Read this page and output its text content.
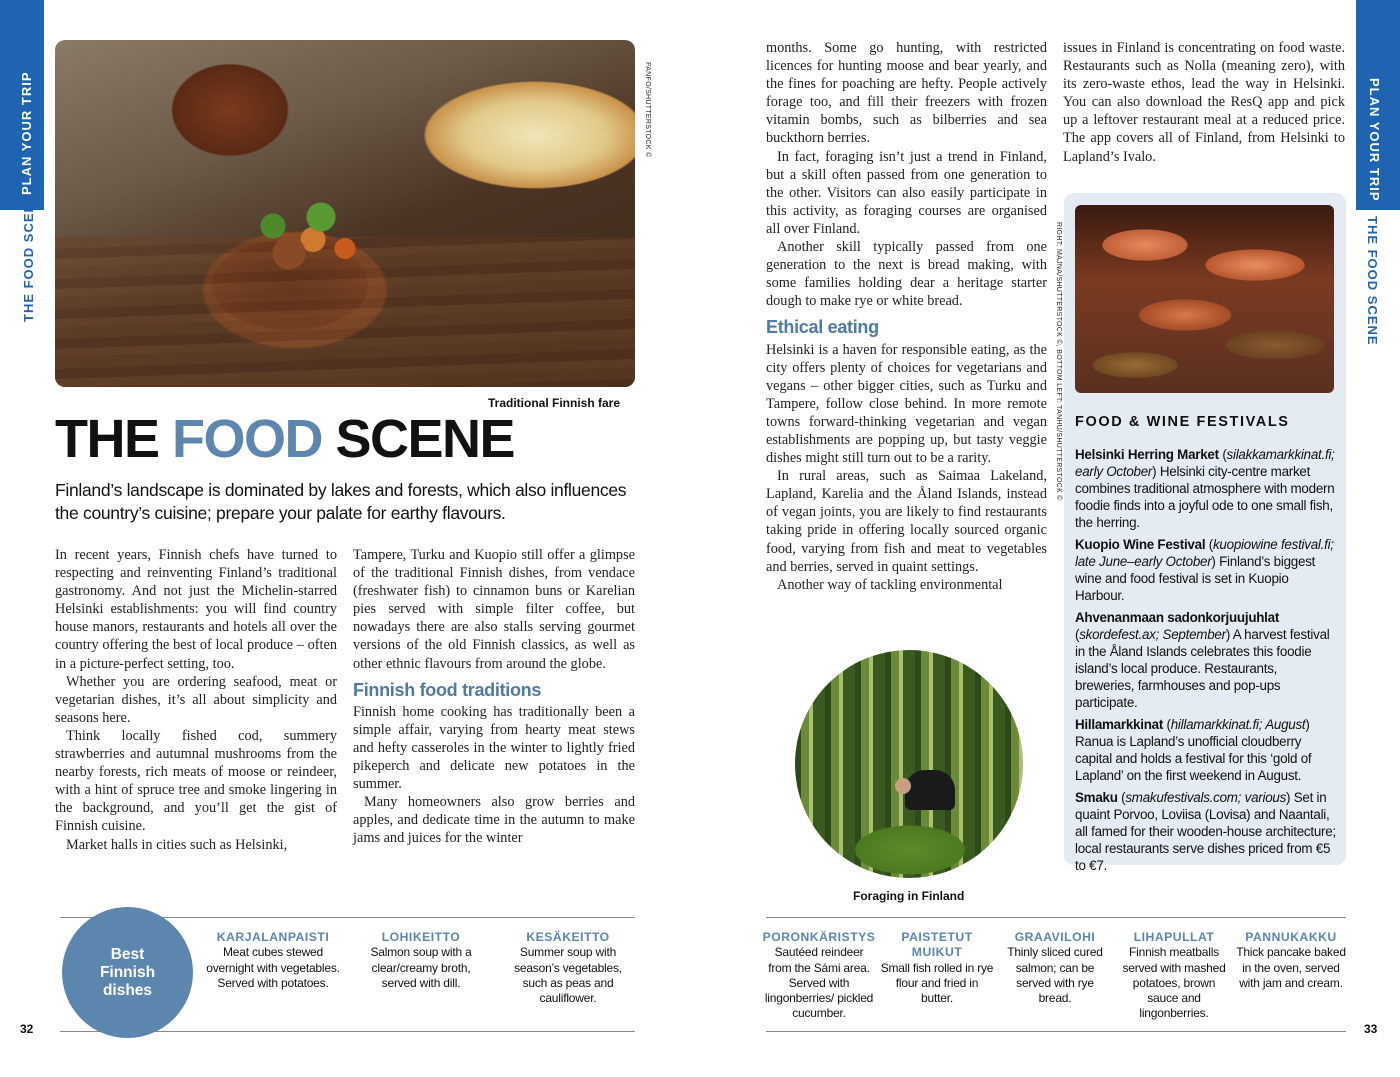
PLAN YOUR TRIP
THE FOOD SCENE
PLAN YOUR TRIP
THE FOOD SCENE
FANFO/SHUTTERSTOCK ©
Traditional Finnish fare
THE FOOD SCENE

Finland’s landscape is dominated by lakes and forests, which also influences the country’s cuisine; prepare your palate for earthy flavours.

In recent years, Finnish chefs have turned to respecting and reinventing Finland’s traditional gastronomy. And not just the Michelin-starred Helsinki establishments: you will find country house manors, restaurants and hotels all over the country offering the best of local produce – often in a picture-perfect setting, too.

Whether you are ordering seafood, meat or vegetarian dishes, it’s all about simplicity and seasons here.

Think locally fished cod, summery strawberries and autumnal mushrooms from the nearby forests, rich meats of moose or reindeer, with a hint of spruce tree and smoke lingering in the background, and you’ll get the gist of Finnish cuisine.

Market halls in cities such as Helsinki,

Tampere, Turku and Kuopio still offer a glimpse of the traditional Finnish dishes, from vendace (freshwater fish) to cinnamon buns or Karelian pies served with simple filter coffee, but nowadays there are also stalls serving gourmet versions of the old Finnish classics, as well as other ethnic flavours from around the globe.

Finnish food traditions

Finnish home cooking has traditionally been a simple affair, varying from hearty meat stews and hefty casseroles in the winter to lightly fried pikeperch and delicate new potatoes in the summer.

Many homeowners also grow berries and apples, and dedicate time in the autumn to make jams and juices for the winter

months. Some go hunting, with restricted licences for hunting moose and bear yearly, and the fines for poaching are hefty. People actively forage too, and fill their freezers with frozen vitamin bombs, such as bilberries and sea buckthorn berries.

In fact, foraging isn’t just a trend in Finland, but a skill often passed from one generation to the other. Visitors can also easily participate in this activity, as foraging courses are organised all over Finland.

Another skill typically passed from one generation to the next is bread making, with some families holding dear a heritage starter dough to make rye or white bread.

Ethical eating

Helsinki is a haven for responsible eating, as the city offers plenty of choices for vegetarians and vegans – other bigger cities, such as Turku and Tampere, follow close behind. In more remote towns forward-thinking vegetarian and vegan establishments are popping up, but tasty veggie dishes might still turn out to be a rarity.

In rural areas, such as Saimaa Lakeland, Lapland, Karelia and the Åland Islands, instead of vegan joints, you are likely to find restaurants taking pride in offering locally sourced organic food, varying from fish and meat to vegetables and berries, served in quaint settings.

Another way of tackling environmental

RIGHT: MAJNA/SHUTTERSTOCK ©, BOTTOM LEFT: TANHU/SHUTTERSTOCK ©

issues in Finland is concentrating on food waste. Restaurants such as Nolla (meaning zero), with its zero-waste ethos, lead the way in Helsinki. You can also download the ResQ app and pick up a leftover restaurant meal at a reduced price. The app covers all of Finland, from Helsinki to Lapland’s Ivalo.

Foraging in Finland
FOOD & WINE FESTIVALS
Helsinki Herring Market (silakkamarkkinat.fi; early October) Helsinki city-centre market combines traditional atmosphere with modern foodie finds into a joyful ode to one small fish, the herring.
Kuopio Wine Festival (kuopiowine festival.fi; late June–early October) Finland’s biggest wine and food festival is set in Kuopio Harbour.
Ahvenanmaan sadonkorjuujuhlat (skordefest.ax; September) A harvest festival in the Åland Islands celebrates this foodie island’s local produce. Restaurants, breweries, farmhouses and pop-ups participate.
Hillamarkkinat (hillamarkkinat.fi; August) Ranua is Lapland’s unofficial cloudberry capital and holds a festival for this ‘gold of Lapland’ on the first weekend in August.
Smaku (smakufestivals.com; various) Set in quaint Porvoo, Loviisa (Lovisa) and Naantali, all famed for their wooden-house architecture; local restaurants serve dishes priced from €5 to €7.
Best Finnish dishes
KARJALANPAISTI
Meat cubes stewed overnight with vegetables. Served with potatoes.
LOHIKEITTO
Salmon soup with a clear/creamy broth, served with dill.
KESÄKEITTO
Summer soup with season’s vegetables, such as peas and cauliflower.
PORONKÄRISTYS
Sautéed reindeer from the Sámi area. Served with lingonberries/ pickled cucumber.
PAISTETUT MUIKUT
Small fish rolled in rye flour and fried in butter.
GRAAVILOHI
Thinly sliced cured salmon; can be served with rye bread.
LIHAPULLAT
Finnish meatballs served with mashed potatoes, brown sauce and lingonberries.
PANNUKAKKU
Thick pancake baked in the oven, served with jam and cream.
32	33
